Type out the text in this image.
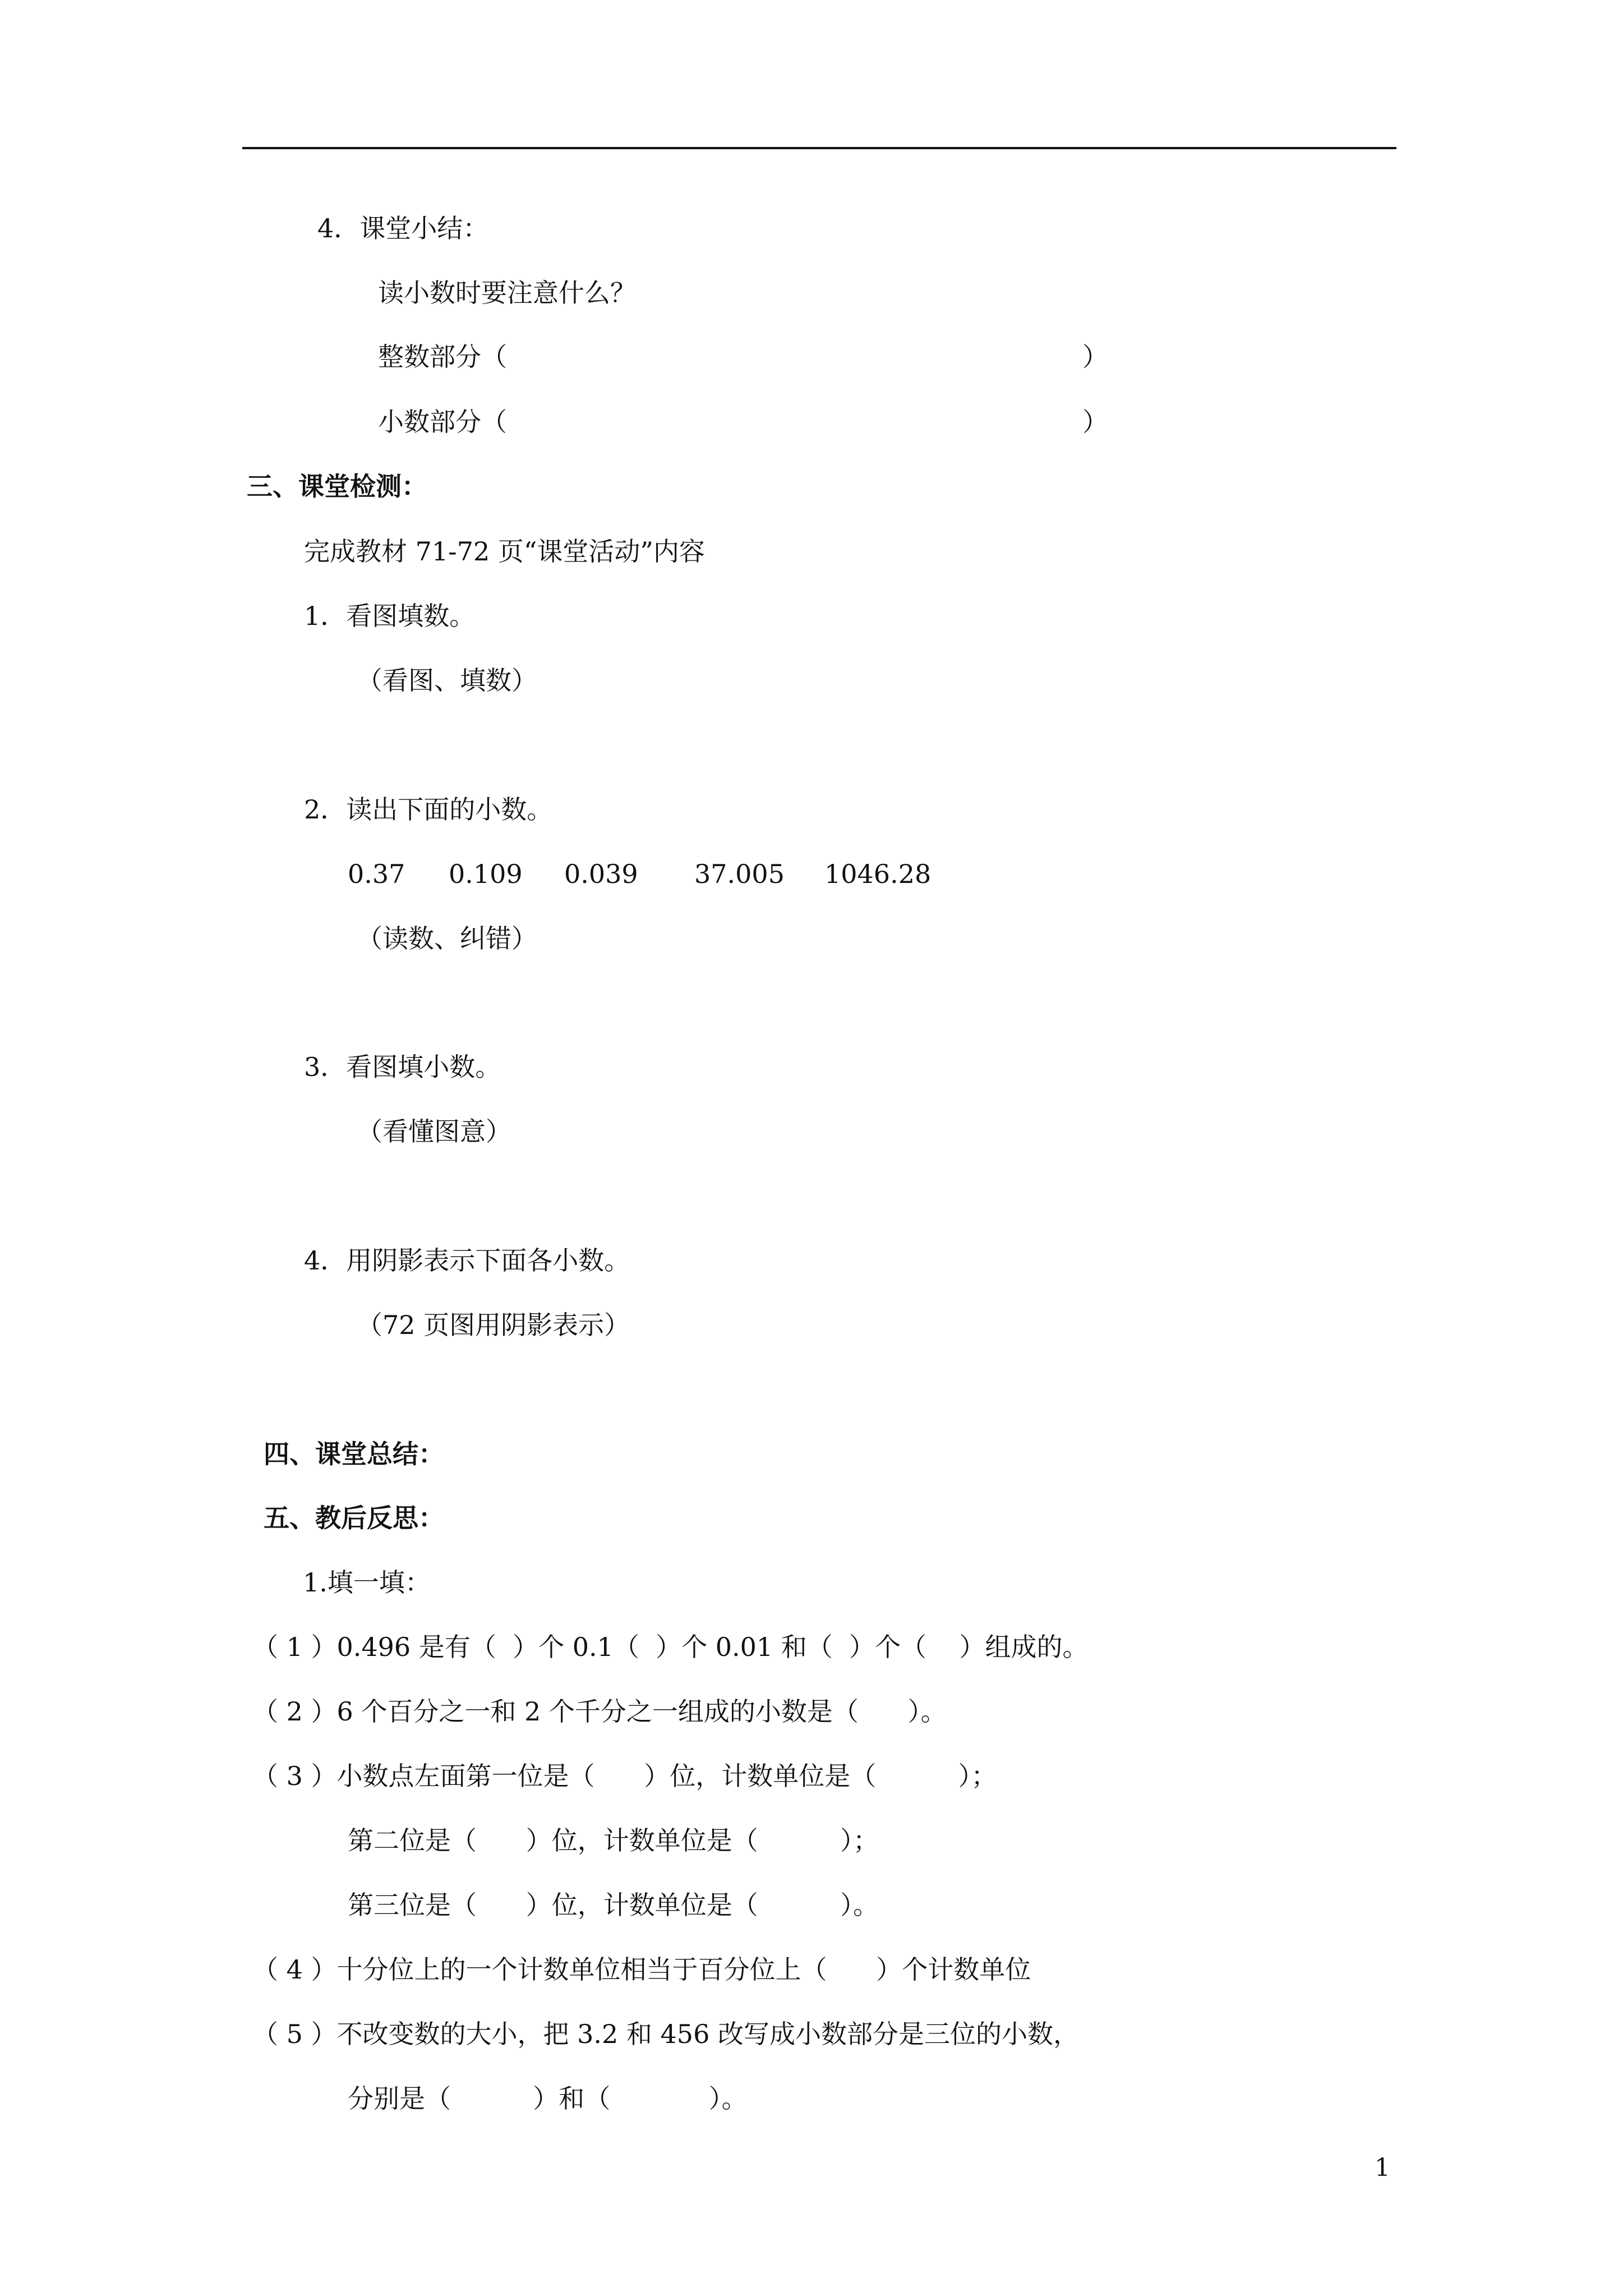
4．课堂小结：
读小数时要注意什么？
整数部分（	）
小数部分（	）
三、课堂检测：
完成教材 71-72 页“课堂活动”内容
1．看图填数。
（看图、填数）
2．读出下面的小数。
0.37 0.109 0.039 37.005 1046.28
（读数、纠错）
3．看图填小数。
（看懂图意）
4．用阴影表示下面各小数。
（72 页图用阴影表示）
四、课堂总结：
五、教后反思：
1.填一填：
（ 1 ）0.496 是有（  ）个 0.1（  ）个 0.01 和（  ）个（    ）组成的。
（ 2 ）6 个百分之一和 2 个千分之一组成的小数是（      ）。
（ 3 ）小数点左面第一位是（      ）位，计数单位是（          ）；
第二位是（      ）位，计数单位是（          ）；
第三位是（      ）位，计数单位是（          ）。
（ 4 ）十分位上的一个计数单位相当于百分位上（      ）个计数单位
（ 5 ）不改变数的大小，把 3.2 和 456 改写成小数部分是三位的小数，
分别是（          ）和（            ）。
1
